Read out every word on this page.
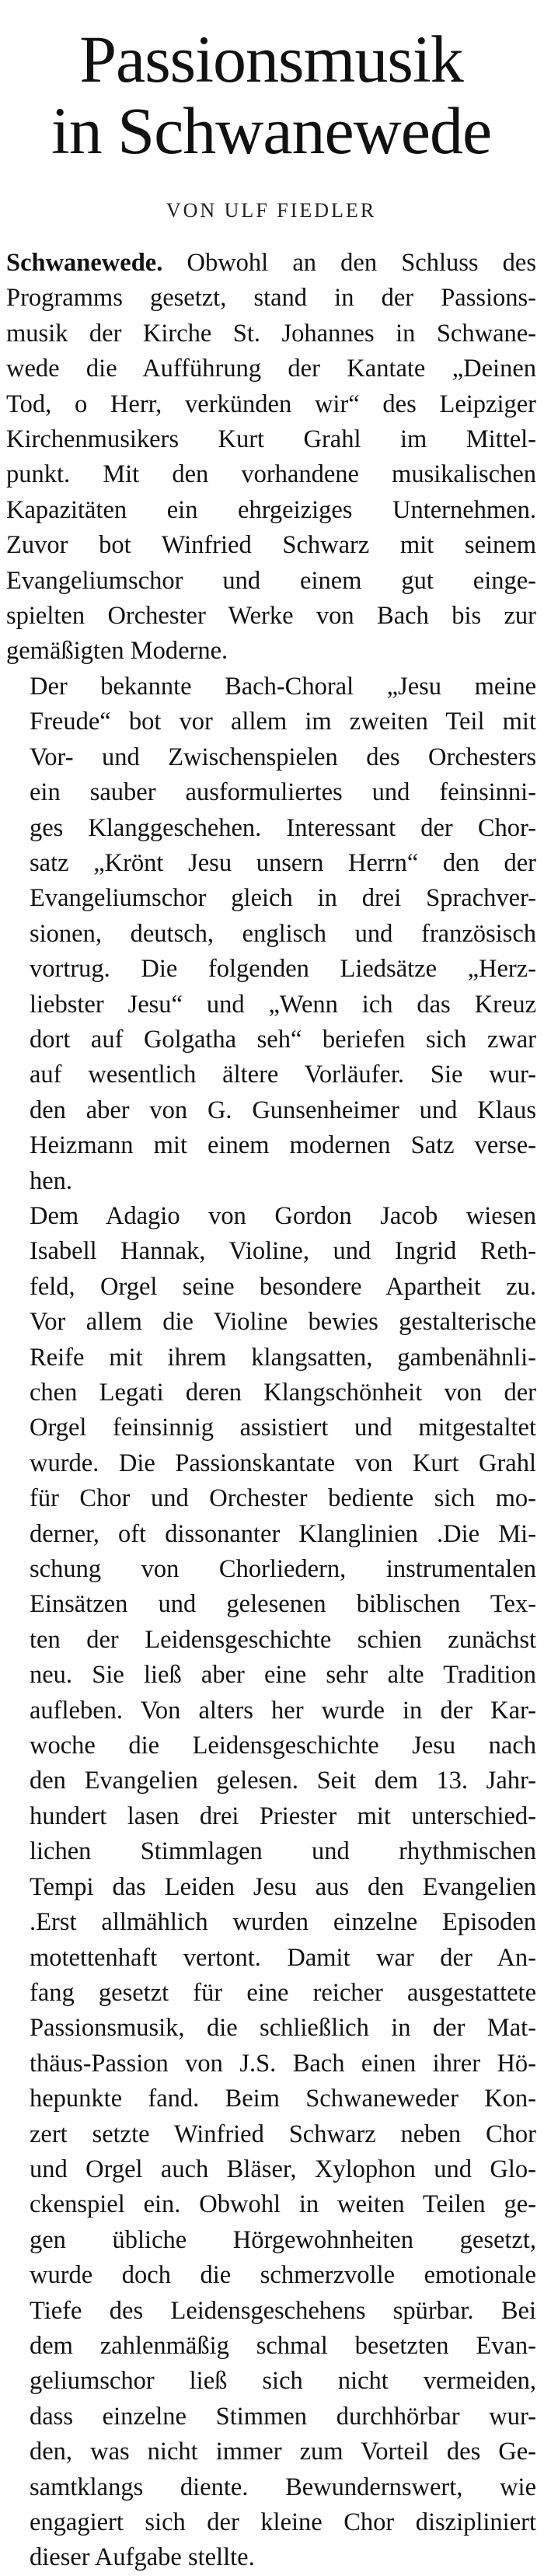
Passionsmusik
in Schwanewede
VON ULF FIEDLER

Schwanewede. Obwohl an den Schluss des
Programms gesetzt, stand in der Passions-
musik der Kirche St. Johannes in Schwane-
wede die Aufführung der Kantate „Deinen
Tod, o Herr, verkünden wir“ des Leipziger
Kirchenmusikers Kurt Grahl im Mittel-
punkt. Mit den vorhandene musikalischen
Kapazitäten ein ehrgeiziges Unternehmen.
Zuvor bot Winfried Schwarz mit seinem
Evangeliumschor und einem gut einge-
spielten Orchester Werke von Bach bis zur
gemäßigten Moderne.

Der bekannte Bach-Choral „Jesu meine
Freude“ bot vor allem im zweiten Teil mit
Vor- und Zwischenspielen des Orchesters
ein sauber ausformuliertes und feinsinni-
ges Klanggeschehen. Interessant der Chor-
satz „Krönt Jesu unsern Herrn“ den der
Evangeliumschor gleich in drei Sprachver-
sionen, deutsch, englisch und französisch
vortrug. Die folgenden Liedsätze „Herz-
liebster Jesu“ und „Wenn ich das Kreuz
dort auf Golgatha seh“ beriefen sich zwar
auf wesentlich ältere Vorläufer. Sie wur-
den aber von G. Gunsenheimer und Klaus
Heizmann mit einem modernen Satz verse-
hen.

Dem Adagio von Gordon Jacob wiesen
Isabell Hannak, Violine, und Ingrid Reth-
feld, Orgel seine besondere Apartheit zu.
Vor allem die Violine bewies gestalterische
Reife mit ihrem klangsatten, gambenähnli-
chen Legati deren Klangschönheit von der
Orgel feinsinnig assistiert und mitgestaltet
wurde. Die Passionskantate von Kurt Grahl
für Chor und Orchester bediente sich mo-
derner, oft dissonanter Klanglinien .Die Mi-
schung von Chorliedern, instrumentalen
Einsätzen und gelesenen biblischen Tex-
ten der Leidensgeschichte schien zunächst
neu. Sie ließ aber eine sehr alte Tradition
aufleben. Von alters her wurde in der Kar-
woche die Leidensgeschichte Jesu nach
den Evangelien gelesen. Seit dem 13. Jahr-
hundert lasen drei Priester mit unterschied-
lichen Stimmlagen und rhythmischen
Tempi das Leiden Jesu aus den Evangelien
.Erst allmählich wurden einzelne Episoden
motettenhaft vertont. Damit war der An-
fang gesetzt für eine reicher ausgestattete
Passionsmusik, die schließlich in der Mat-
thäus-Passion von J.S. Bach einen ihrer Hö-
hepunkte fand. Beim Schwaneweder Kon-
zert setzte Winfried Schwarz neben Chor
und Orgel auch Bläser, Xylophon und Glo-
ckenspiel ein. Obwohl in weiten Teilen ge-
gen übliche Hörgewohnheiten gesetzt,
wurde doch die schmerzvolle emotionale
Tiefe des Leidensgeschehens spürbar. Bei
dem zahlenmäßig schmal besetzten Evan-
geliumschor ließ sich nicht vermeiden,
dass einzelne Stimmen durchhörbar wur-
den, was nicht immer zum Vorteil des Ge-
samtklangs diente. Bewundernswert, wie
engagiert sich der kleine Chor diszipliniert
dieser Aufgabe stellte.
